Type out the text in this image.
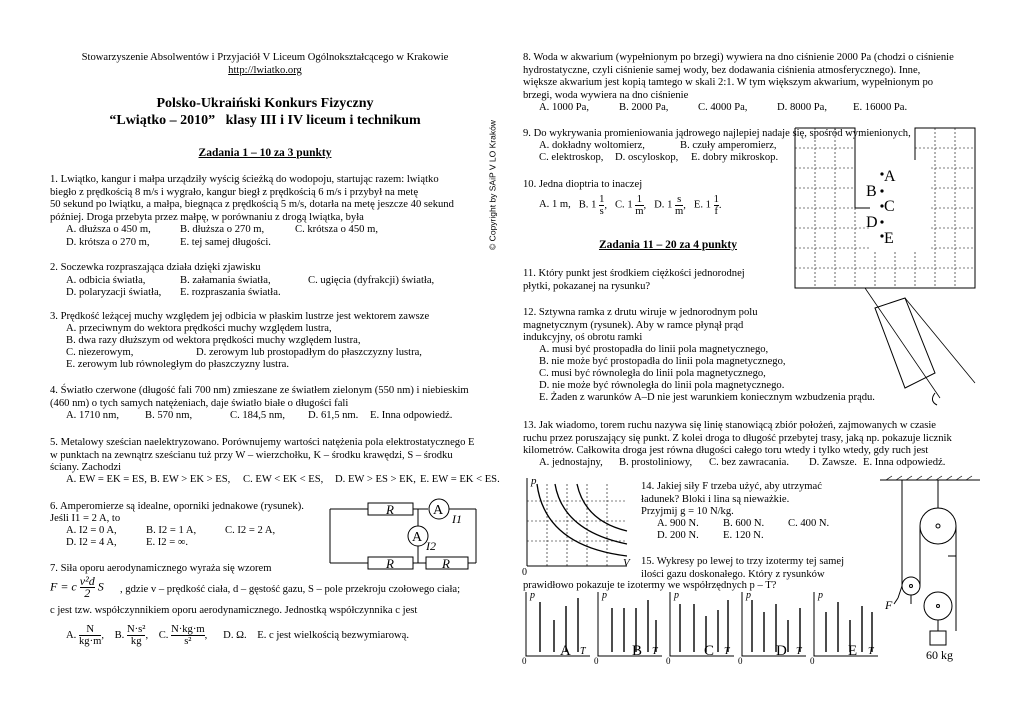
Stowarzyszenie Absolwentów i Przyjaciół V Liceum Ogólnokształcącego w Krakowie
http://lwiatko.org
Polsko-Ukraiński Konkurs Fizyczny
“Lwiątko – 2010”   klasy III i IV liceum i technikum
Zadania 1 – 10 za 3 punkty
1. Lwiątko, kangur i małpa urządziły wyścig ścieżką do wodopoju, startując razem: lwiątko
biegło z prędkością 8 m/s i wygrało, kangur biegł z prędkością 6 m/s i przybył na metę
50 sekund po lwiątku, a małpa, biegnąca z prędkością 5 m/s, dotarła na metę jeszcze 40 sekund
później. Droga przebyta przez małpę, w porównaniu z drogą lwiątka, była
A. dłuższa o 450 m,	B. dłuższa o 270 m,	C. krótsza o 450 m,
D. krótsza o 270 m,	E. tej samej długości.
2. Soczewka rozpraszająca działa dzięki zjawisku
A. odbicia światła,	B. załamania światła,	C. ugięcia (dyfrakcji) światła,
D. polaryzacji światła, E. rozpraszania światła.
3. Prędkość leżącej muchy względem jej odbicia w płaskim lustrze jest wektorem zawsze
A. przeciwnym do wektora prędkości muchy względem lustra,
B. dwa razy dłuższym od wektora prędkości muchy względem lustra,
C. niezerowym,	D. zerowym lub prostopadłym do płaszczyzny lustra,
E. zerowym lub równoległym do płaszczyzny lustra.
4. Światło czerwone (długość fali 700 nm) zmieszane ze światłem zielonym (550 nm) i niebieskim
(460 nm) o tych samych natężeniach, daje światło białe o długości fali
A. 1710 nm, B. 570 nm,	C. 184,5 nm, D. 61,5 nm. E. Inna odpowiedź.
5. Metalowy sześcian naelektryzowano. Porównujemy wartości natężenia pola elektrostatycznego E
w punktach na zewnątrz sześcianu tuż przy W – wierzchołku, K – środku krawędzi, S – środku
ściany. Zachodzi
A. EW = EK = ES, B. EW > EK > ES, C. EW < EK < ES, D. EW > ES > EK, E. EW = EK < ES.
6. Amperomierze są idealne, oporniki jednakowe (rysunek).
Jeśli I1 = 2 A, to
A. I2 = 0 A,	B. I2 = 1 A,	C. I2 = 2 A,
D. I2 = 4 A,	E. I2 = ∞.
7. Siła oporu aerodynamicznego wyraża się wzorem
F = c $\frac{\text{v²d}}{2}$ S , gdzie v – prędkość ciała, d – gęstość gazu, S – pole przekroju czołowego ciała;
c jest tzw. współczynnikiem oporu aerodynamicznego. Jednostką współczynnika c jest
A. $\frac{N}{kg\cdot m}$ ,    B. $\frac{\text{N·s²}}{kg}$ ,    C. $\frac{N\cdot kg\cdot m}{\text{s²}}$ ,      D. Ω. E. c jest wielkością bezwymiarową.
R	A
I1
A
I2
R	R
© Copyright by SAiP V LO Kraków
8. Woda w akwarium (wypełnionym po brzegi) wywiera na dno ciśnienie 2000 Pa (chodzi o ciśnienie
hydrostatyczne, czyli ciśnienie samej wody, bez dodawania ciśnienia atmosferycznego). Inne,
większe akwarium jest kopią tamtego w skali 2:1. W tym większym akwarium, wypełnionym po
brzegi, woda wywiera na dno ciśnienie
A. 1000 Pa,	B. 2000 Pa,	C. 4000 Pa,	D. 8000 Pa, E. 16000 Pa.
9. Do wykrywania promieniowania jądrowego najlepiej nadaje się, spośród wymienionych,
A. dokładny woltomierz,	B. czuły amperomierz,
C. elektroskop, D. oscyloskop, E. dobry mikroskop.
10. Jedna dioptria to inaczej
A. 1 m, B. $1 \frac{1}{s}$ ,   C. $1 \frac{1}{m}$ ,   D. $1 \frac{s}{m}$ ,   E. $1 \frac{1}{f}$ .
Zadania 11 – 20 za 4 punkty
11. Który punkt jest środkiem ciężkości jednorodnej
płytki, pokazanej na rysunku?
12. Sztywna ramka z drutu wiruje w jednorodnym polu
magnetycznym (rysunek). Aby w ramce płynął prąd
indukcyjny, oś obrotu ramki
A. musi być prostopadła do linii pola magnetycznego,
B. nie może być prostopadła do linii pola magnetycznego,
C. musi być równoległa do linii pola magnetycznego,
D. nie może być równoległa do linii pola magnetycznego.
E. Żaden z warunków A–D nie jest warunkiem koniecznym wzbudzenia prądu.
13. Jak wiadomo, torem ruchu nazywa się linię stanowiącą zbiór położeń, zajmowanych w czasie
ruchu przez poruszający się punkt. Z kolei droga to długość przebytej trasy, jaką np. pokazuje licznik
kilometrów. Całkowita droga jest równa długości całego toru wtedy i tylko wtedy, gdy ruch jest
A. jednostajny, B. prostoliniowy, C. bez zawracania. D. Zawsze. E. Inna odpowiedź.
14. Jakiej siły F trzeba użyć, aby utrzymać
ładunek? Bloki i lina są nieważkie.
Przyjmij g = 10 N/kg.
A. 900 N. B. 600 N. C. 400 N.
D. 200 N. E. 120 N.
15. Wykresy po lewej to trzy izotermy tej samej
ilości gazu doskonałego. Który z rysunków
prawidłowo pokazuje te izotermy we współrzędnych p – T?
A
B
C
D
E
p
V
0
F
60 kg
p
T
0
A
p
T
0
B
p
T
0
C
p
T
0
D
p
T
0
E
